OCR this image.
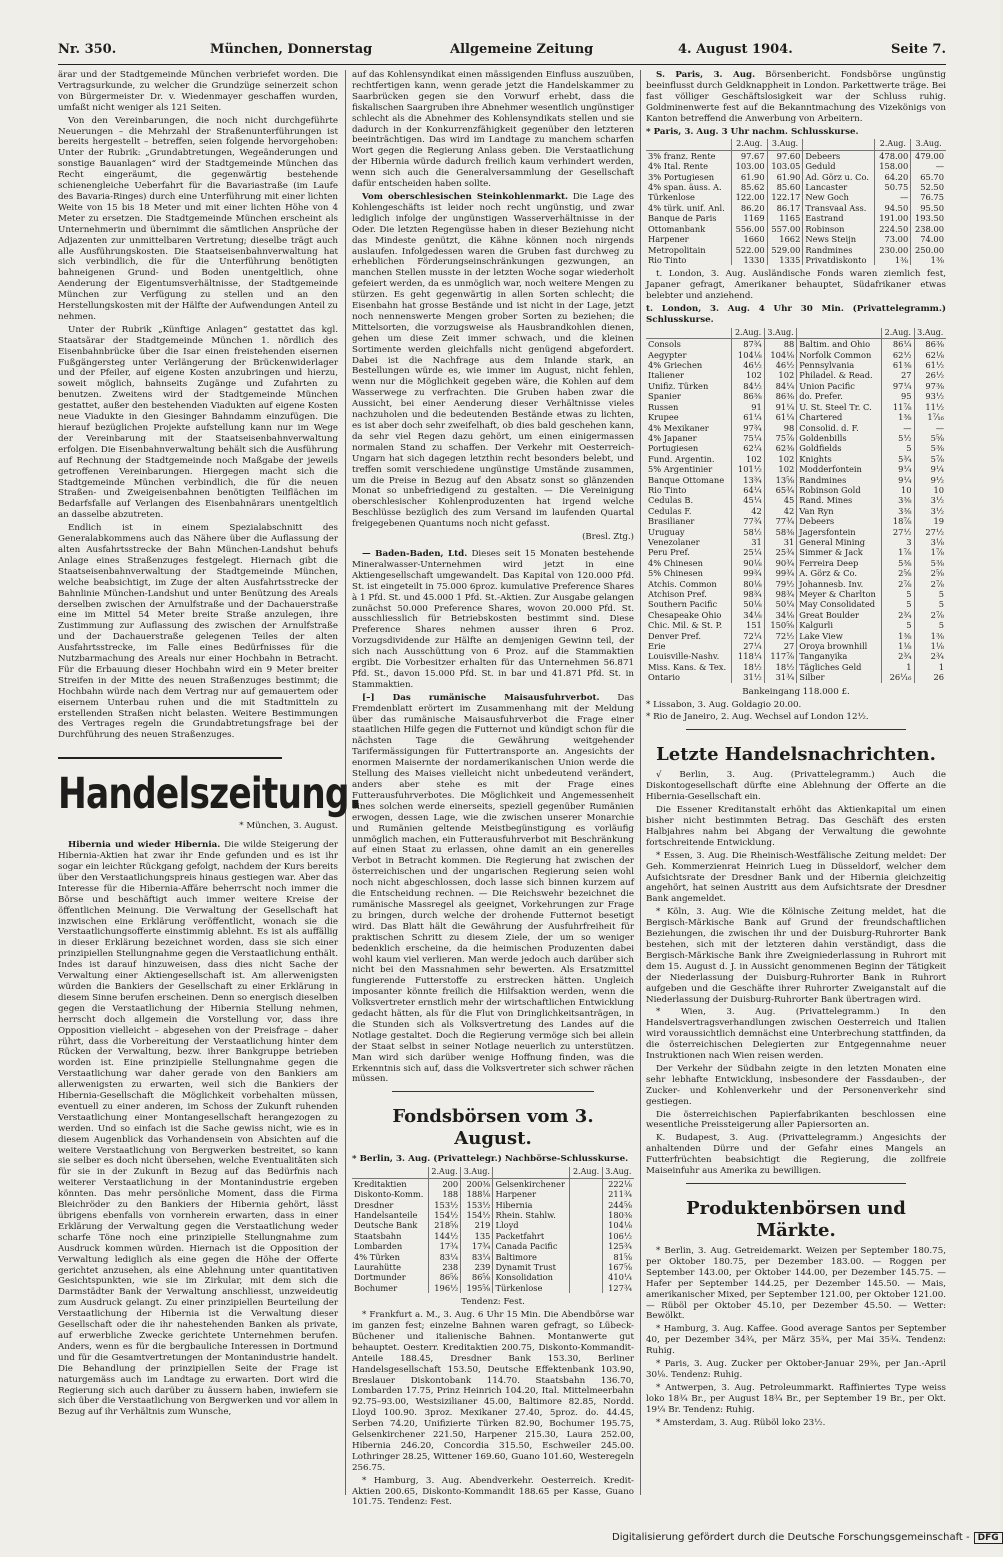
Nr. 350.	München, Donnerstag	Allgemeine Zeitung	4. August 1904.	Seite 7.

ärar und der Stadtgemeinde München verbriefet worden. Die Vertragsurkunde, zu welcher die Grundzüge seinerzeit schon von Bürgermeister Dr. v. Wiedenmayer geschaffen wurden, umfaßt nicht weniger als 121 Seiten.

Von den Vereinbarungen, die noch nicht durchgeführte Neuerungen – die Mehrzahl der Straßenunterführungen ist bereits hergestellt – betreffen, seien folgende hervorgehoben: Unter der Rubrik: „Grundabtretungen, Wegeänderungen und sonstige Bauanlagen“ wird der Stadtgemeinde München das Recht eingeräumt, die gegenwärtig bestehende schienengleiche Ueberfahrt für die Bavariastraße (im Laufe des Bavaria-Ringes) durch eine Unterführung mit einer lichten Weite von 15 bis 18 Meter und mit einer lichten Höhe von 4 Meter zu ersetzen. Die Stadtgemeinde München erscheint als Unternehmerin und übernimmt die sämtlichen Ansprüche der Adjazenten zur unmittelbaren Vertretung; dieselbe trägt auch alle Ausführungskosten. Die Staatseisenbahnverwaltung hat sich verbindlich, die für die Unterführung benötigten bahneigenen Grund- und Boden unentgeltlich, ohne Aenderung der Eigentumsverhältnisse, der Stadtgemeinde München zur Verfügung zu stellen und an den Herstellungskosten mit der Hälfte der Aufwendungen Anteil zu nehmen.

Unter der Rubrik „Künftige Anlagen“ gestattet das kgl. Staatsärar der Stadtgemeinde München 1. nördlich des Eisenbahnbrücke über die Isar einen freistehenden eisernen Fußgängersteg unter Verlängerung der Brückenwiderlager und der Pfeiler, auf eigene Kosten anzubringen und hierzu, soweit möglich, bahnseits Zugänge und Zufahrten zu benutzen. Zweitens wird der Stadtgemeinde München gestattet, außer den bestehenden Viadukten auf eigene Kosten neue Viadukte in den Giesinger Bahndamm einzufügen. Die hierauf bezüglichen Projekte aufstellung kann nur im Wege der Vereinbarung mit der Staatseisenbahnverwaltung erfolgen. Die Eisenbahnverwaltung behält sich die Ausführung auf Rechnung der Stadtgemeinde noch Maßgabe der jeweils getroffenen Vereinbarungen. Hiergegen macht sich die Stadtgemeinde München verbindlich, die für die neuen Straßen- und Zweigeisenbahnen benötigten Teilflächen im Bedarfsfalle auf Verlangen des Eisenbahnärars unentgeltlich an dasselbe abzutreten.

Endlich ist in einem Spezialabschnitt des Generalabkommens auch das Nähere über die Auflassung der alten Ausfahrtsstrecke der Bahn München-Landshut behufs Anlage eines Straßenzuges festgelegt. Hiernach gibt die Staatseisenbahnverwaltung der Stadtgemeinde München, welche beabsichtigt, im Zuge der alten Ausfahrtsstrecke der Bahnlinie München-Landshut und unter Benützung des Areals derselben zwischen der Arnulfstraße und der Dachauerstraße eine im Mittel 54 Meter breite Straße anzulegen, ihre Zustimmung zur Auflassung des zwischen der Arnulfstraße und der Dachauerstraße gelegenen Teiles der alten Ausfahrtsstrecke, im Falle eines Bedürfnisses für die Nutzbarmachung des Areals nur einer Hochbahn in Betracht. Für die Erbauung dieser Hochbahn wird ein 9 Meter breiter Streifen in der Mitte des neuen Straßenzuges bestimmt; die Hochbahn würde nach dem Vertrag nur auf gemauertem oder eisernem Unterbau ruhen und die mit Stadtmitteln zu erstellenden Straßen nicht belasten. Weitere Bestimmungen des Vertrages regeln die Grundabtretungsfrage bei der Durchführung des neuen Straßenzuges.

Handelszeitung.
* München, 3. August.

Hibernia und wieder Hibernia. Die wilde Steigerung der Hibernia-Aktien hat zwar ihr Ende gefunden und es ist ihr sogar ein leichter Rückgang gefolgt, nachdem der Kurs bereits über den Verstaatlichungspreis hinaus gestiegen war. Aber das Interesse für die Hibernia-Affäre beherrscht noch immer die Börse und beschäftigt auch immer weitere Kreise der öffentlichen Meinung. Die Verwaltung der Gesellschaft hat inzwischen eine Erklärung veröffentlicht, wonach sie die Verstaatlichungsofferte einstimmig ablehnt. Es ist als auffällig in dieser Erklärung bezeichnet worden, dass sie sich einer prinzipiellen Stellungnahme gegen die Verstaatlichung enthält. Indes ist darauf hinzuweisen, dass dies nicht Sache der Verwaltung einer Aktiengesellschaft ist. Am allerwenigsten würden die Bankiers der Gesellschaft zu einer Erklärung in diesem Sinne berufen erscheinen. Denn so energisch dieselben gegen die Verstaatlichung der Hibernia Stellung nehmen, herrscht doch allgemein die Vorstellung vor, dass ihre Opposition vielleicht – abgesehen von der Preisfrage – daher rührt, dass die Vorbereitung der Verstaatlichung hinter dem Rücken der Verwaltung, bezw. ihrer Bankgruppe betrieben worden ist. Eine prinzipielle Stellungnahme gegen die Verstaatlichung war daher gerade von den Bankiers am allerwenigsten zu erwarten, weil sich die Bankiers der Hibernia-Gesellschaft die Möglichkeit vorbehalten müssen, eventuell zu einer anderen, im Schoss der Zukunft ruhenden Verstaatlichung einer Montangesellschaft herangezogen zu werden. Und so einfach ist die Sache gewiss nicht, wie es in diesem Augenblick das Vorhandensein von Absichten auf die weitere Verstaatlichung von Bergwerken bestreitet, so kann sie selber es doch nicht übersehen, welche Eventualitäten sich für sie in der Zukunft in Bezug auf das Bedürfnis nach weiterer Verstaatlichung in der Montanindustrie ergeben könnten. Das mehr persönliche Moment, dass die Firma Bleichröder zu den Bankiers der Hibernia gehört, lässt übrigens ebenfalls von vornherein erwarten, dass in einer Erklärung der Verwaltung gegen die Verstaatlichung weder scharfe Töne noch eine prinzipielle Stellungnahme zum Ausdruck kommen würden. Hiernach ist die Opposition der Verwaltung lediglich als eine gegen die Höhe der Offerte gerichtet anzusehen, als eine Ablehnung unter quantitativen Gesichtspunkten, wie sie im Zirkular, mit dem sich die Darmstädter Bank der Verwaltung anschliesst, unzweideutig zum Ausdruck gelangt. Zu einer prinzipiellen Beurteilung der Verstaatlichung der Hibernia ist die Verwaltung dieser Gesellschaft oder die ihr nahestehenden Banken als private, auf erwerbliche Zwecke gerichtete Unternehmen berufen. Anders, wenn es für die bergbauliche Interessen in Dortmund und für die Gesamtvertretungen der Montanindustrie handelt. Die Behandlung der prinzipiellen Seite der Frage ist naturgemäss auch im Landtage zu erwarten. Dort wird die Regierung sich auch darüber zu äussern haben, inwiefern sie sich über die Verstaatlichung von Bergwerken und vor allem in Bezug auf ihr Verhältnis zum Wunsche,

auf das Kohlensyndikat einen mässigenden Einfluss auszuüben, rechtfertigen kann, wenn gerade jetzt die Handelskammer zu Saarbrücken gegen sie den Vorwurf erhebt, dass die fiskalischen Saargruben ihre Abnehmer wesentlich ungünstiger schlecht als die Abnehmer des Kohlensyndikats stellen und sie dadurch in der Konkurrenzfähigkeit gegenüber den letzteren beeinträchtigen. Das wird im Landtage zu manchem scharfen Wort gegen die Regierung Anlass geben. Die Verstaatlichung der Hibernia würde dadurch freilich kaum verhindert werden, wenn sich auch die Generalversammlung der Gesellschaft dafür entscheiden haben sollte.

Vom oberschlesischen Steinkohlenmarkt. Die Lage des Kohlengeschäfts ist leider noch recht ungünstig, und zwar lediglich infolge der ungünstigen Wasserverhältnisse in der Oder. Die letzten Regengüsse haben in dieser Beziehung nicht das Mindeste genützt, die Kähne können noch nirgends auslaufen. Infolgedessen waren die Gruben fast durchweg zu erheblichen Förderungseinschränkungen gezwungen, an manchen Stellen musste in der letzten Woche sogar wiederholt gefeiert werden, da es unmöglich war, noch weitere Mengen zu stürzen. Es geht gegenwärtig in allen Sorten schlecht; die Eisenbahn hat grosse Bestände und ist nicht in der Lage, jetzt noch nennenswerte Mengen grober Sorten zu beziehen; die Mittelsorten, die vorzugsweise als Hausbrandkohlen dienen, gehen um diese Zeit immer schwach, und die kleinen Sortimente werden gleichfalls nicht genügend abgefordert. Dabei ist die Nachfrage aus dem Inlande stark, an Bestellungen würde es, wie immer im August, nicht fehlen, wenn nur die Möglichkeit gegeben wäre, die Kohlen auf dem Wasserwege zu verfrachten. Die Gruben haben zwar die Aussicht, bei einer Aenderung dieser Verhältnisse vieles nachzuholen und die bedeutenden Bestände etwas zu lichten, es ist aber doch sehr zweifelhaft, ob dies bald geschehen kann, da sehr viel Regen dazu gehört, um einen einigermassen normalen Stand zu schaffen. Der Verkehr mit Oesterreich-Ungarn hat sich dagegen letzthin recht besonders belebt, und treffen somit verschiedene ungünstige Umstände zusammen, um die Preise in Bezug auf den Absatz sonst so glänzenden Monat so unbefriedigend zu gestalten. — Die Vereinigung oberschlesischer Kohlenproduzenten hat irgend welche Beschlüsse bezüglich des zum Versand im laufenden Quartal freigegebenen Quantums noch nicht gefasst.

(Bresl. Ztg.)

— Baden-Baden, Ltd. Dieses seit 15 Monaten bestehende Mineralwasser-Unternehmen wird jetzt in eine Aktiengesellschaft umgewandelt. Das Kapital von 120.000 Pfd. St. ist eingeteilt in 75.000 6proz. kumulative Preference Shares à 1 Pfd. St. und 45.000 1 Pfd. St.-Aktien. Zur Ausgabe gelangen zunächst 50.000 Preference Shares, wovon 20.000 Pfd. St. ausschliesslich für Betriebskosten bestimmt sind. Diese Preference Shares nehmen ausser ihren 6 Proz. Vorzugsdividende zur Hälfte an demjenigen Gewinn teil, der sich nach Ausschüttung von 6 Proz. auf die Stammaktien ergibt. Die Vorbesitzer erhalten für das Unternehmen 56.871 Pfd. St., davon 15.000 Pfd. St. in bar und 41.871 Pfd. St. in Stammaktien.

[–] Das rumänische Maisausfuhrverbot. Das Fremdenblatt erörtert im Zusammenhang mit der Meldung über das rumänische Maisausfuhrverbot die Frage einer staatlichen Hilfe gegen die Futternot und kündigt schon für die nächsten Tage die Gewährung weitgehender Tarifermässigungen für Futtertransporte an. Angesichts der enormen Maisernte der nordamerikanischen Union werde die Stellung des Maises vielleicht nicht unbedeutend verändert, anders aber stehe es mit der Frage eines Futterausfuhrverbotes. Die Möglichkeit und Angemessenheit eines solchen werde einerseits, speziell gegenüber Rumänien erwogen, dessen Lage, wie die zwischen unserer Monarchie und Rumänien geltende Meistbegünstigung es vorläufig unmöglich machen, ein Futterausfuhrverbot mit Beschränkung auf einen Staat zu erlassen, ohne damit an ein generelles Verbot in Betracht kommen. Die Regierung hat zwischen der österreichischen und der ungarischen Regierung seien wohl noch nicht abgeschlossen, doch lasse sich binnen kurzem auf die Entscheidung rechnen. — Die Reichswehr bezeichnet die rumänische Massregel als geeignet, Vorkehrungen zur Frage zu bringen, durch welche der drohende Futternot besetigt wird. Das Blatt hält die Gewährung der Ausfuhrfreiheit für praktischen Schritt zu diesem Ziele, der um so weniger bedenklich erscheine, da die heimischen Produzenten dabei wohl kaum viel verlieren. Man werde jedoch auch darüber sich nicht bei den Massnahmen sehr bewerten. Als Ersatzmittel fungierende Futterstoffe zu erstrecken hätten. Ungleich imposanter könnte freilich die Hilfsaktion werden, wenn die Volksvertreter ernstlich mehr der wirtschaftlichen Entwicklung gedacht hätten, als für die Flut von Dringlichkeitsanträgen, in die Stunden sich als Volksvertretung des Landes auf die Notlage gestaltet. Doch die Regierung vermöge sich bei allein der Staat selbst in seiner Notlage neuerlich zu unterstützen. Man wird sich darüber wenige Hoffnung finden, was die Erkenntnis sich auf, dass die Volksvertreter sich schwer rächen müssen.

Fondsbörsen vom 3. August.

* Berlin, 3. Aug. (Privattelegr.) Nachbörse-Schlusskurse.

	2.Aug.	3.Aug.		2.Aug.	3.Aug.
Kreditaktien	200	200⅜	Gelsenkirchener		222⅛
Diskonto-Komm.	188	188⅛	Harpener		211¾
Dresdner	153½	153½	Hibernia		244⅝
Handelsanteile	154½	154½	Rhein. Stahlw.		180⅜
Deutsche Bank	218⅝	219	Lloyd		104⅛
Staatsbahn	144½	135	Packetfahrt		106½
Lombarden	17¾	17¾	Canada Pacific		125¾
4% Türken	83¼	83¼	Baltimore		81⅝
Laurahütte	238	239	Dynamit Trust		167⅝
Dortmunder	86⅝	86⅝	Konsolidation		410¼
Bochumer	196½	195⅝	Türkenlose		127¾

Tendenz: Fest.

* Frankfurt a. M., 3. Aug. 6 Uhr 15 Min. Die Abendbörse war im ganzen fest; einzelne Bahnen waren gefragt, so Lübeck-Büchener und italienische Bahnen. Montanwerte gut behauptet. Oesterr. Kreditaktien 200.75, Diskonto-Kommandit-Anteile 188.45, Dresdner Bank 153.30, Berliner Handelsgesellschaft 153.50, Deutsche Effektenbank 103.90, Breslauer Diskontobank 114.70. Staatsbahn 136.70, Lombarden 17.75, Prinz Heinrich 104.20, Ital. Mittelmeerbahn 92.75–93.00, Westsizilianer 45.00, Baltimore 82.85, Nordd. Lloyd 100.90. 3proz. Mexikaner 27.40, 5proz. do. 44.45, Serben 74.20, Unifizierte Türken 82.90, Bochumer 195.75, Gelsenkirchener 221.50, Harpener 215.30, Laura 252.00, Hibernia 246.20, Concordia 315.50, Eschweiler 245.00. Lothringer 28.25, Wittener 169.60, Guano 101.60, Westeregeln 256.75.

* Hamburg, 3. Aug. Abendverkehr. Oesterreich. Kredit-Aktien 200.65, Diskonto-Kommandit 188.65 per Kasse, Guano 101.75. Tendenz: Fest.

S. Paris, 3. Aug. Börsenbericht. Fondsbörse ungünstig beeinflusst durch Geldknappheit in London. Parkettwerte träge. Bei fast völliger Geschäftslosigkeit war der Schluss ruhig. Goldminenwerte fest auf die Bekanntmachung des Vizekönigs von Kanton betreffend die Anwerbung von Arbeitern.

* Paris, 3. Aug. 3 Uhr nachm. Schlusskurse.

	2.Aug.	3.Aug.		2.Aug.	3.Aug.
3% franz. Rente	97.67	97.60	Debeers	478.00	479.00
4% Ital. Rente	103.00	103.05	Geduld	158.00	—
3% Portugiesen	61.90	61.90	Ad. Görz u. Co.	64.20	65.70
4% span. äuss. A.	85.62	85.60	Lancaster	50.75	52.50
Türkenlose	122.00	122.17	New Goch	—	76.75
4% türk. unif. Anl.	86.20	86.17	Transvaal Ass.	94.50	95.50
Banque de Paris	1169	1165	Eastrand	191.00	193.50
Ottomanbank	556.00	557.00	Robinson	224.50	238.00
Harpener	1660	1662	News Steijn	73.00	74.00
Metropolitain	522.00	529.00	Randmines	230.00	250.00
Rio Tinto	1330	1335	Privatdiskonto	1⅜	1⅜

t. London, 3. Aug. Ausländische Fonds waren ziemlich fest, Japaner gefragt, Amerikaner behauptet, Südafrikaner etwas belebter und anziehend.

t. London, 3. Aug. 4 Uhr 30 Min. (Privattelegramm.) Schlusskurse.

	2.Aug.	3.Aug.		2.Aug.	3.Aug.
Consols	87¾	88	Baltim. and Ohio	86¼	86⅜
Aegypter	104⅛	104⅛	Norfolk Common	62½	62⅛
4% Griechen	46½	46½	Pennsylvania	61⅜	61½
Italiener	102	102	Philadel. & Read.	27	26½
Unifiz. Türken	84½	84¼	Union Pacific	97¼	97⅜
Spanier	86⅜	86⅜	do. Prefer.	95	93½
Russen	91	91¼	U. St. Steel Tr. C.	11⅞	11½
Krupee	61¼	61¼	Chartered	1⅜	1⁷⁄₁₆
4% Mexikaner	97¾	98	Consolid. d. F.	—	—
4% Japaner	75¼	75⅞	Goldenbills	5½	5⅝
Portugiesen	62¼	62⅜	Goldfields	5	5⅜
Fund. Argentin.	102	102	Knights	5¾	5⅞
5% Argentinier	101½	102	Modderfontein	9¼	9¼
Banque Ottomane	13¾	13⅝	Randmines	9¼	9½
Rio Tinto	64¼	65¾	Robinson Gold	10	10
Cedulas B.	45¼	45	Rand. Mines	3⅜	3½
Cedulas F.	42	42	Van Ryn	3⅜	3½
Brasilianer	77¾	77¾	Debeers	18⅞	19
Uruguay	58½	58⅜	Jagersfontein	27½	27½
Venezolaner	31	31	General Mining	3	3⅛
Peru Pref.	25¼	25¾	Simmer & Jack	1⅞	1⅞
4% Chinesen	90⅛	90¾	Ferreira Deep	5⅜	5⅜
5% Chinesen	99¾	99¾	A. Görz & Co.	2⅝	2⅝
Atchis. Common	80⅛	79½	Johannesb. Inv.	2⅞	2⅞
Atchison Pref.	98¾	98¾	Meyer & Charlton	5	5
Southern Pacific	50⅛	50¼	May Consolidated	5	5
Chesapeake Ohio	34⅛	34⅛	Great Boulder	2¾	2⅞
Chic. Mil. & St. P.	151	150⅝	Kalgurli	5	5
Denver Pref.	72¼	72½	Lake View	1⅜	1⅜
Erie	27¼	27	Oroya brownhill	1⅛	1⅛
Louisville-Nashv.	118¼	117⅞	Tanganyika	2¾	2¾
Miss. Kans. & Tex.	18½	18½	Tägliches Geld	1	1
Ontario	31½	31¾	Silber	26⅟₁₆	26

Bankeingang 118.000 £.

* Lissabon, 3. Aug. Goldagio 20.00.

* Rio de Janeiro, 2. Aug. Wechsel auf London 12½.

Letzte Handelsnachrichten.

√ Berlin, 3. Aug. (Privattelegramm.) Auch die Diskontogesellschaft dürfte eine Ablehnung der Offerte an die Hibernia-Gesellschaft ein.

Die Essener Kreditanstalt erhöht das Aktienkapital um einen bisher nicht bestimmten Betrag. Das Geschäft des ersten Halbjahres nahm bei Abgang der Verwaltung die gewohnte fortschreitende Entwicklung.

* Essen, 3. Aug. Die Rheinisch-Westfälische Zeitung meldet: Der Geh. Kommerzienrat Heinrich Lueg in Düsseldorf, welcher dem Aufsichtsrate der Dresdner Bank und der Hibernia gleichzeitig angehört, hat seinen Austritt aus dem Aufsichtsrate der Dresdner Bank angemeldet.

* Köln, 3. Aug. Wie die Kölnische Zeitung meldet, hat die Bergisch-Märkische Bank auf Grund der freundschaftlichen Beziehungen, die zwischen ihr und der Duisburg-Ruhrorter Bank bestehen, sich mit der letzteren dahin verständigt, dass die Bergisch-Märkische Bank ihre Zweigniederlassung in Ruhrort mit dem 15. August d. J. in Aussicht genommenen Beginn der Tätigkeit der Niederlassung der Duisburg-Ruhrorter Bank in Ruhrort aufgeben und die Geschäfte ihrer Ruhrorter Zweiganstalt auf die Niederlassung der Duisburg-Ruhrorter Bank übertragen wird.

* Wien, 3. Aug. (Privattelegramm.) In den Handelsvertragsverhandlungen zwischen Oesterreich und Italien wird voraussichtlich demnächst eine Unterbrechung stattfinden, da die österreichischen Delegierten zur Entgegennahme neuer Instruktionen nach Wien reisen werden.

Der Verkehr der Südbahn zeigte in den letzten Monaten eine sehr lebhafte Entwicklung, insbesondere der Fassdauben-, der Zucker- und Kohlenverkehr und der Personenverkehr sind gestiegen.

Die österreichischen Papierfabrikanten beschlossen eine wesentliche Preissteigerung aller Papiersorten an.

K. Budapest, 3. Aug. (Privattelegramm.) Angesichts der anhaltenden Dürre und der Gefahr eines Mangels an Futterfrüchten beabsichtigt die Regierung, die zollfreie Maiseinfuhr aus Amerika zu bewilligen.

Produktenbörsen und Märkte.

* Berlin, 3. Aug. Getreidemarkt. Weizen per September 180.75, per Oktober 180.75, per Dezember 183.00. — Roggen per September 143.00, per Oktober 144.00, per Dezember 145.75. — Hafer per September 144.25, per Dezember 145.50. — Mais, amerikanischer Mixed, per September 121.00, per Oktober 121.00. — Rüböl per Oktober 45.10, per Dezember 45.50. — Wetter: Bewölkt.

* Hamburg, 3. Aug. Kaffee. Good average Santos per September 40, per Dezember 34¾, per März 35¾, per Mai 35¾. Tendenz: Ruhig.

* Paris, 3. Aug. Zucker per Oktober-Januar 29⅜, per Jan.-April 30⅛. Tendenz: Ruhig.

* Antwerpen, 3. Aug. Petroleummarkt. Raffiniertes Type weiss loko 18¾ Br., per August 18¾ Br., per September 19 Br., per Okt. 19¼ Br. Tendenz: Ruhig.

* Amsterdam, 3. Aug. Rüböl loko 23½.

Digitalisierung gefördert durch die Deutsche Forschungsgemeinschaft - DFG
